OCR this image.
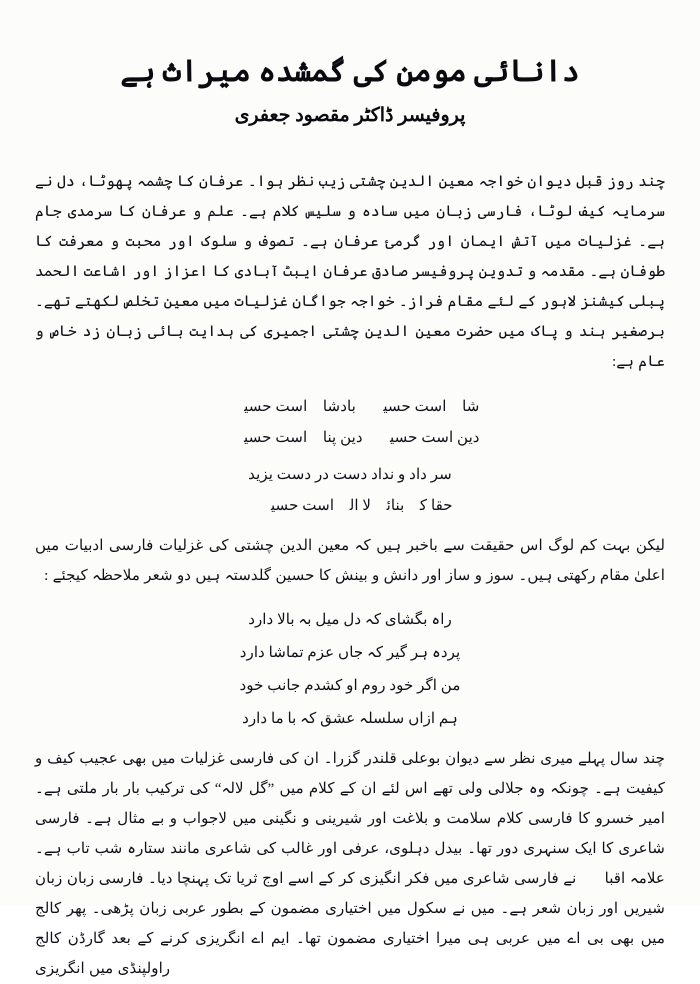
دانائی مومن کی گمشدہ میراث ہے
پروفیسر ڈاکٹر مقصود جعفری

چند روز قبل دیوان خواجہ معین الدین چشتی زیب نظر ہوا۔ عرفان کا چشمہ پھوٹا، دل نے سرمایہ کیف لوٹا، فارسی زبان میں سادہ و سلیس کلام ہے۔ علم و عرفان کا سرمدی جام ہے۔ غزلیات میں آتش ایمان اور گرمئ عرفان ہے۔ تصوف و سلوک اور محبت و معرفت کا طوفان ہے۔ مقدمہ و تدوین پروفیسر صادق عرفان ایبٹ آبادی کا اعزاز اور اشاعت الحمد پبلی کیشنز لاہور کے لئے مقام فراز۔ خواجہ جواگان غزلیات میں معین تخلص لکھتے تھے۔ برصغیر ہند و پاک میں حضرت معین الدین چشتی اجمیری کی ہدایت بائی زبان زد خاص و عام ہے:

شاہ است حسینؑ بادشاہ است حسینؑ
دین است حسینؑ دین پناہ است حسینؑ
سر داد و نداد دست در دست یزید
حقا کہ بنائے لا الہ است حسینؑ

لیکن بہت کم لوگ اس حقیقت سے باخبر ہیں کہ معین الدین چشتی کی غزلیات فارسی ادبیات میں اعلیٰ مقام رکھتی ہیں۔ سوز و ساز اور دانش و بینش کا حسین گلدستہ ہیں دو شعر ملاحظہ کیجئے :

راہ بگشای کہ دل میل بہ بالا دارد
پردہ ہر گیر کہ جاں عزم تماشا دارد
من اگر خود روم او کشدم جانب خود
ہم ازاں سلسلہ عشق کہ با ما دارد

چند سال پہلے میری نظر سے دیوان بوعلی قلندر گزرا۔ ان کی فارسی غزلیات میں بھی عجیب کیف و کیفیت ہے۔ چونکہ وہ جلالی ولی تھے اس لئے ان کے کلام میں ”گل لالہ“ کی ترکیب بار بار ملتی ہے۔ امیر خسرو کا فارسی کلام سلامت و بلاغت اور شیرینی و نگینی میں لاجواب و بے مثال ہے۔ فارسی شاعری کا ایک سنہری دور تھا۔ بیدل دہلوی، عرفی اور غالب کی شاعری مانند ستارہ شب تاب ہے۔ علامہ اقبالؒ نے فارسی شاعری میں فکر انگیزی کر کے اسے اوج ثریا تک پہنچا دیا۔ فارسی زبان زبان شیریں اور زبان شعر ہے۔ میں نے سکول میں اختیاری مضمون کے بطور عربی زبان پڑھی۔ پھر کالج میں بھی بی اے میں عربی ہی میرا اختیاری مضمون تھا۔ ایم اے انگریزی کرنے کے بعد گارڈن کالج راولپنڈی میں انگریزی
